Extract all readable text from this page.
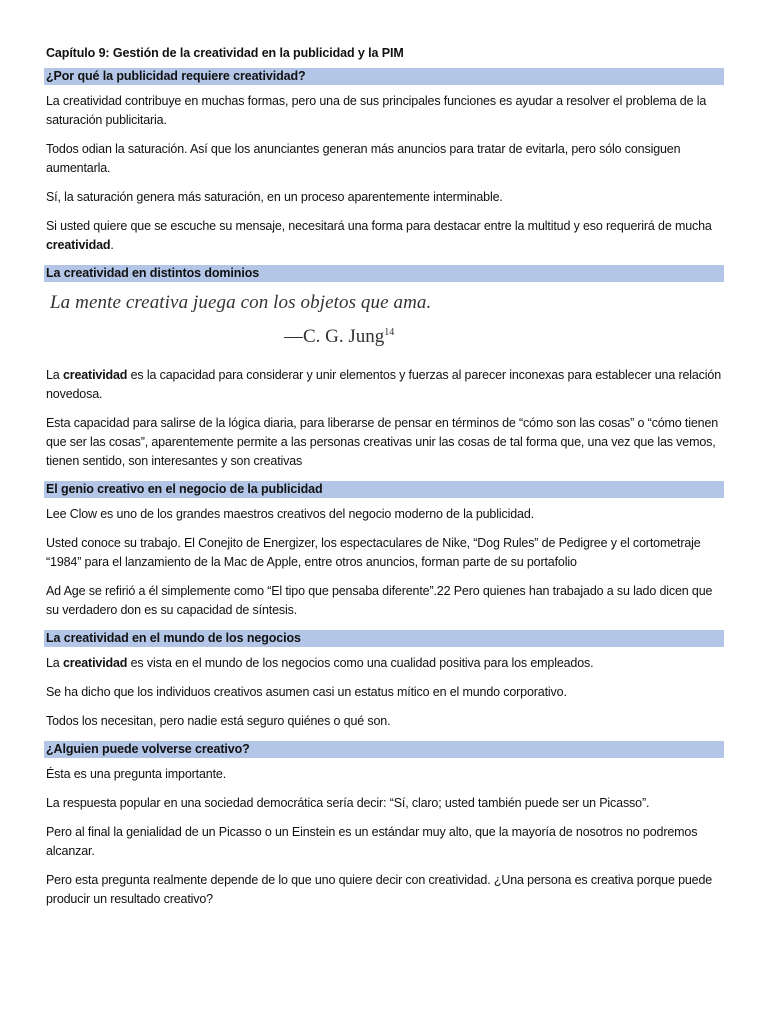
Capítulo 9: Gestión de la creatividad en la publicidad y la PIM
¿Por qué la publicidad requiere creatividad?

La creatividad contribuye en muchas formas, pero una de sus principales funciones es ayudar a resolver el problema de la saturación publicitaria.

Todos odian la saturación. Así que los anunciantes generan más anuncios para tratar de evitarla, pero sólo consiguen aumentarla.

Sí, la saturación genera más saturación, en un proceso aparentemente interminable.

Si usted quiere que se escuche su mensaje, necesitará una forma para destacar entre la multitud y eso requerirá de mucha creatividad.

La creatividad en distintos dominios
La mente creativa juega con los objetos que ama.
—C. G. Jung$^{14}$

La creatividad es la capacidad para considerar y unir elementos y fuerzas al parecer inconexas para establecer una relación novedosa.

Esta capacidad para salirse de la lógica diaria, para liberarse de pensar en términos de “cómo son las cosas” o “cómo tienen que ser las cosas”, aparentemente permite a las personas creativas unir las cosas de tal forma que, una vez que las vemos, tienen sentido, son interesantes y son creativas

El genio creativo en el negocio de la publicidad

Lee Clow es uno de los grandes maestros creativos del negocio moderno de la publicidad.

Usted conoce su trabajo. El Conejito de Energizer, los espectaculares de Nike, “Dog Rules” de Pedigree y el cortometraje “1984” para el lanzamiento de la Mac de Apple, entre otros anuncios, forman parte de su portafolio

Ad Age se refirió a él simplemente como “El tipo que pensaba diferente”.22 Pero quienes han trabajado a su lado dicen que su verdadero don es su capacidad de síntesis.

La creatividad en el mundo de los negocios

La creatividad es vista en el mundo de los negocios como una cualidad positiva para los empleados.

Se ha dicho que los individuos creativos asumen casi un estatus mítico en el mundo corporativo.

Todos los necesitan, pero nadie está seguro quiénes o qué son.

¿Alguien puede volverse creativo?

Ésta es una pregunta importante.

La respuesta popular en una sociedad democrática sería decir: “Sí, claro; usted también puede ser un Picasso”.

Pero al final la genialidad de un Picasso o un Einstein es un estándar muy alto, que la mayoría de nosotros no podremos alcanzar.

Pero esta pregunta realmente depende de lo que uno quiere decir con creatividad. ¿Una persona es creativa porque puede producir un resultado creativo?
